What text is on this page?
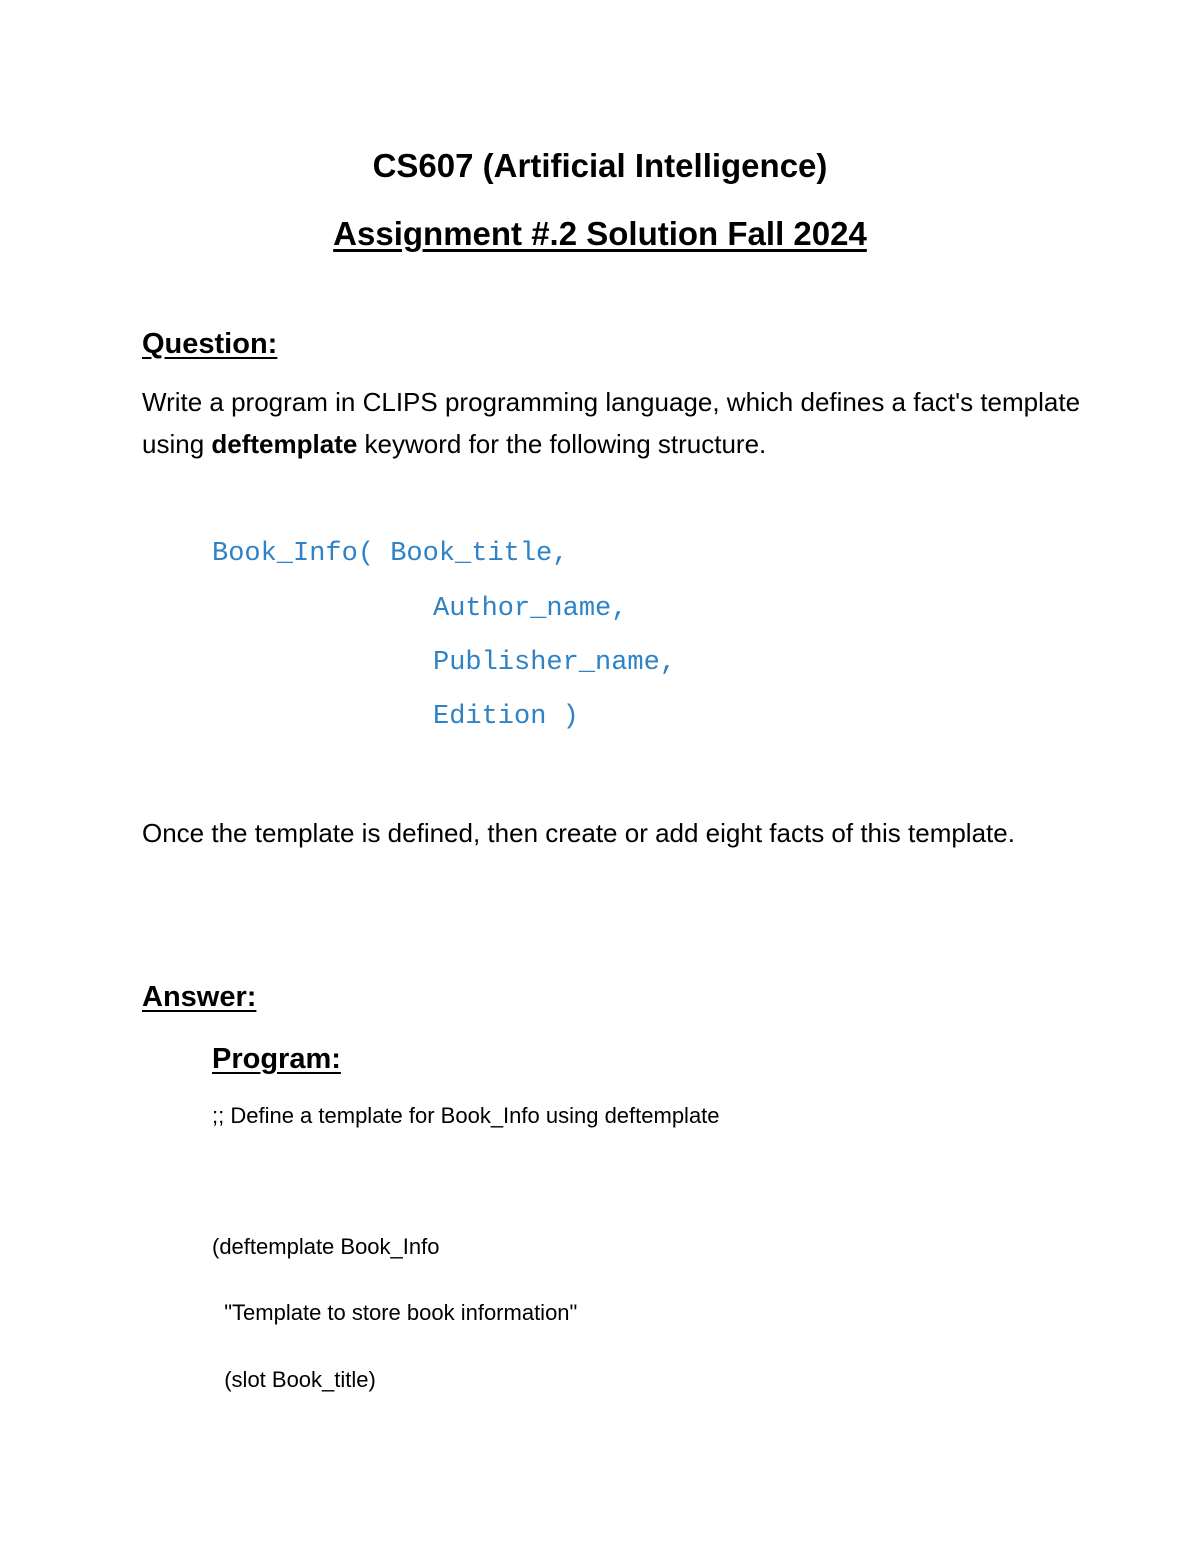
CS607 (Artificial Intelligence)
Assignment #.2 Solution Fall 2024
Question:
Write a program in CLIPS programming language, which defines a fact's template using deftemplate keyword for the following structure.
Book_Info( Book_title,
Author_name,
Publisher_name,
Edition )
Once the template is defined, then create or add eight facts of this template.
Answer:
Program:
;; Define a template for Book_Info using deftemplate
(deftemplate Book_Info
"Template to store book information"
(slot Book_title)
